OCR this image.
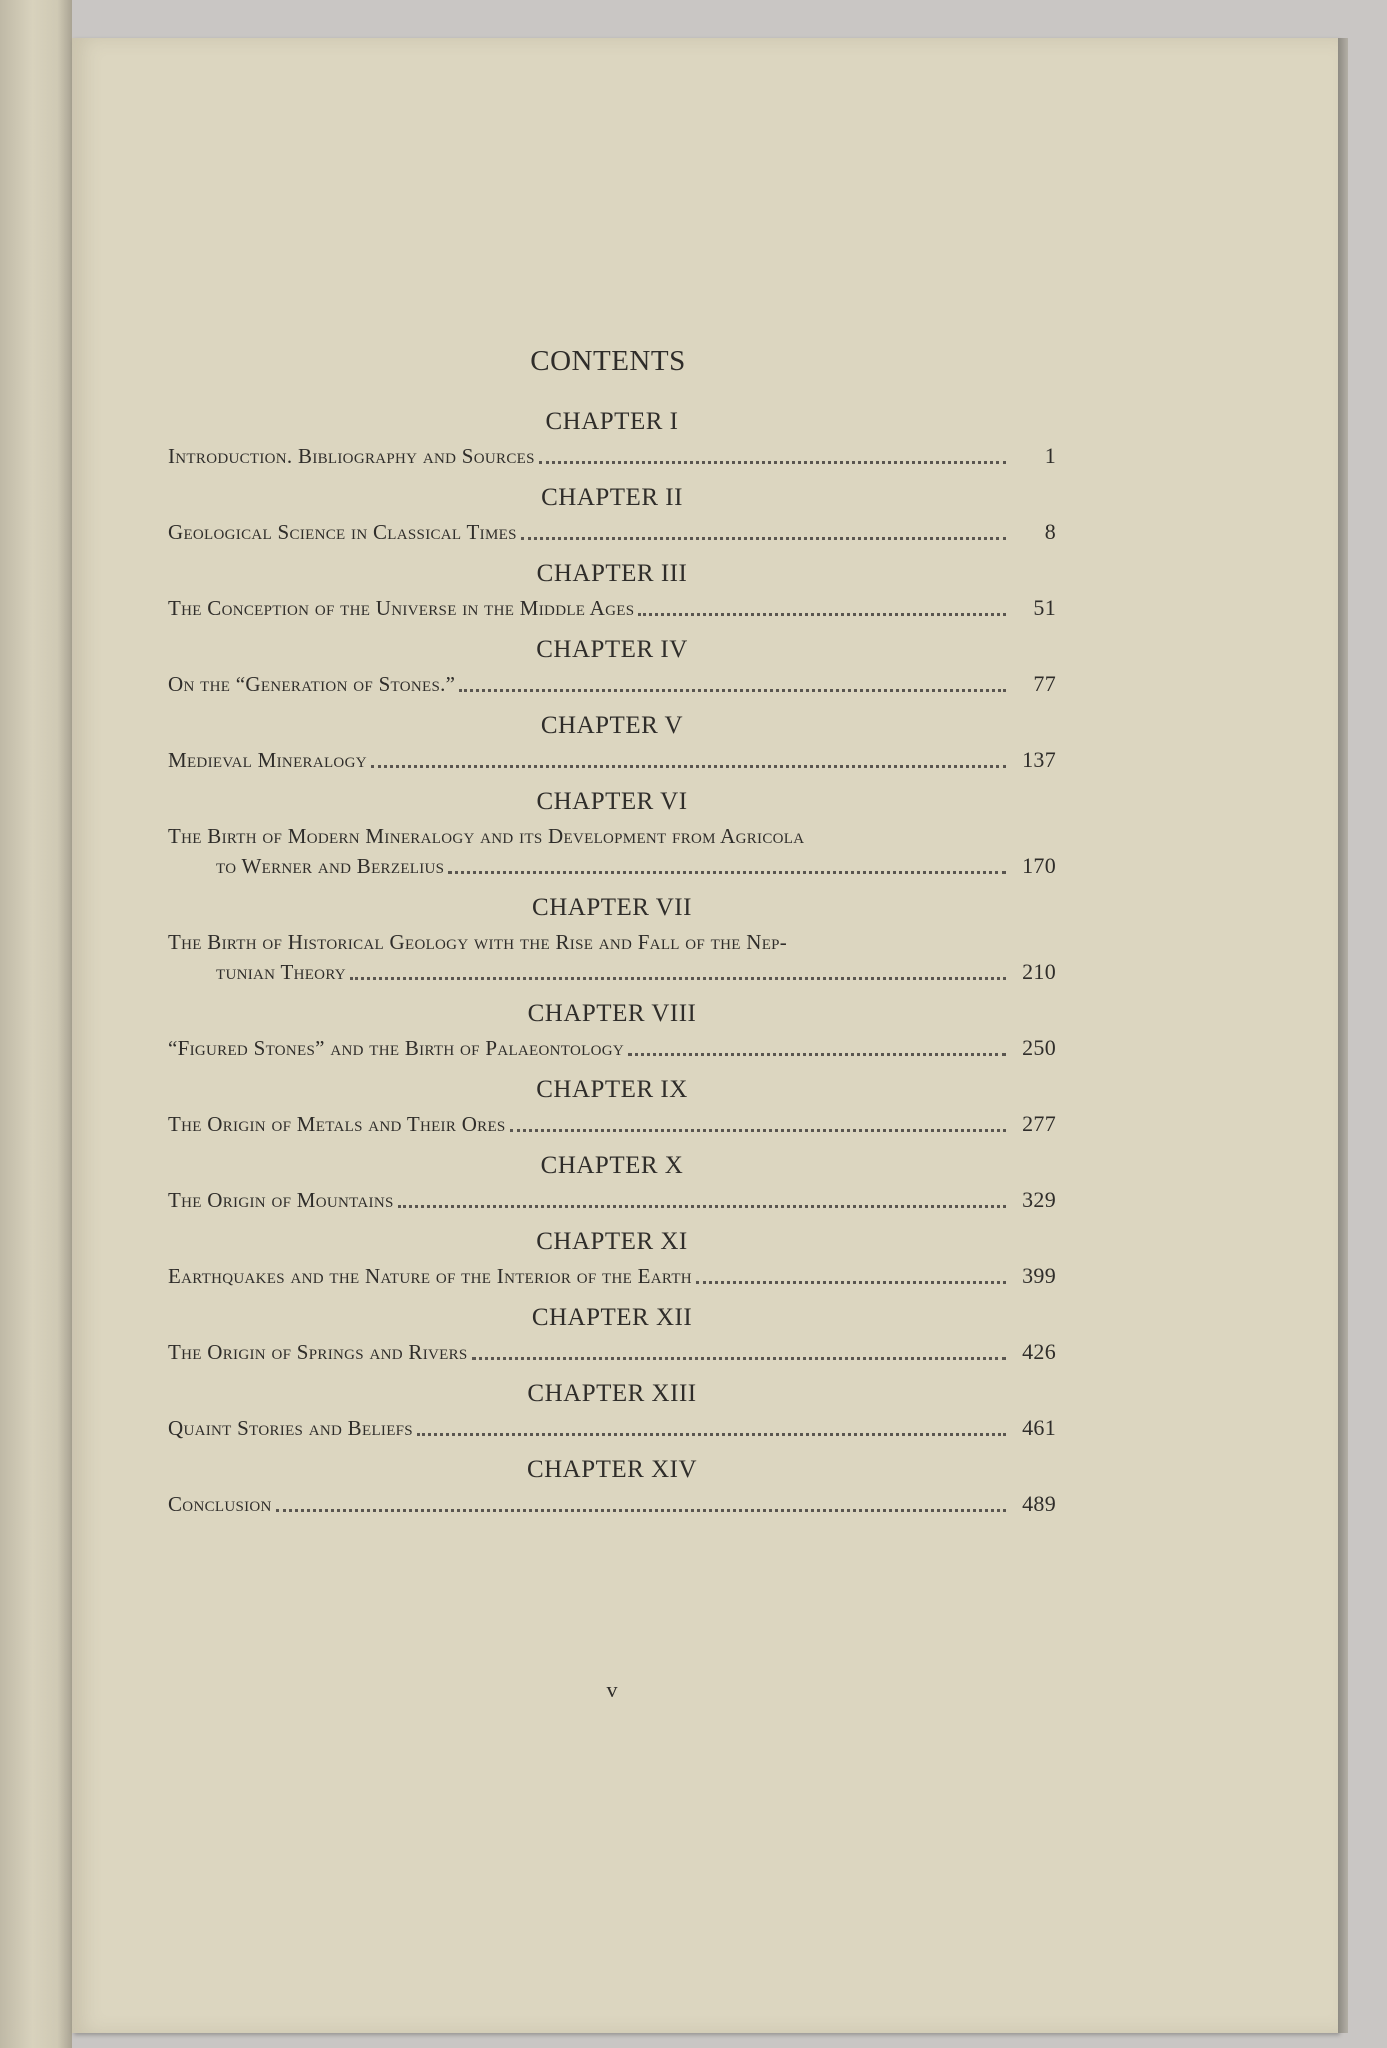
CONTENTS
CHAPTER I
Introduction. Bibliography and Sources	1
CHAPTER II
Geological Science in Classical Times	8
CHAPTER III
The Conception of the Universe in the Middle Ages	51
CHAPTER IV
On the “Generation of Stones.”	77
CHAPTER V
Medieval Mineralogy	137
CHAPTER VI
The Birth of Modern Mineralogy and its Development from Agricola
to Werner and Berzelius	170
CHAPTER VII
The Birth of Historical Geology with the Rise and Fall of the Nep-
tunian Theory	210
CHAPTER VIII
“Figured Stones” and the Birth of Palaeontology	250
CHAPTER IX
The Origin of Metals and Their Ores	277
CHAPTER X
The Origin of Mountains	329
CHAPTER XI
Earthquakes and the Nature of the Interior of the Earth	399
CHAPTER XII
The Origin of Springs and Rivers	426
CHAPTER XIII
Quaint Stories and Beliefs	461
CHAPTER XIV
Conclusion	489
v
